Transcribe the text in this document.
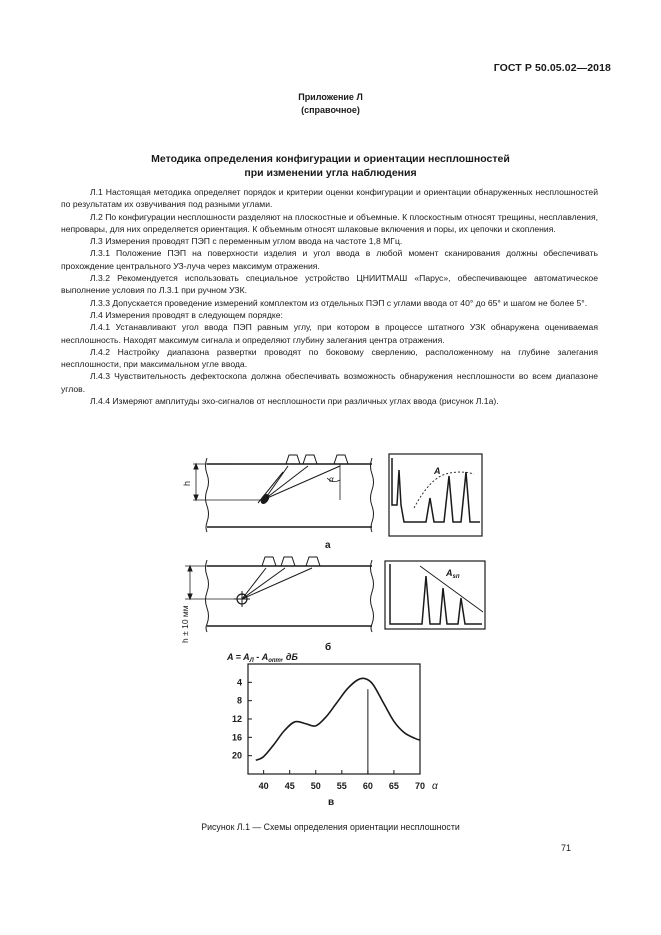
ГОСТ Р 50.05.02—2018
Приложение Л
(справочное)
Методика определения конфигурации и ориентации несплошностей
при изменении угла наблюдения

Л.1 Настоящая методика определяет порядок и критерии оценки конфигурации и ориентации обнаруженных несплошностей по результатам их озвучивания под разными углами.

Л.2 По конфигурации несплошности разделяют на плоскостные и объемные. К плоскостным относят трещины, несплавления, непровары, для них определяется ориентация. К объемным относят шлаковые включения и поры, их цепочки и скопления.

Л.3 Измерения проводят ПЭП с переменным углом ввода на частоте 1,8 МГц.

Л.3.1 Положение ПЭП на поверхности изделия и угол ввода в любой момент сканирования должны обеспечивать прохождение центрального УЗ-луча через максимум отражения.

Л.3.2 Рекомендуется использовать специальное устройство ЦНИИТМАШ «Парус», обеспечивающее автоматическое выполнение условия по Л.3.1 при ручном УЗК.

Л.3.3 Допускается проведение измерений комплектом из отдельных ПЭП с углами ввода от 40° до 65° и шагом не более 5°.

Л.4 Измерения проводят в следующем порядке:

Л.4.1 Устанавливают угол ввода ПЭП равным углу, при котором в процессе штатного УЗК обнаружена оцениваемая несплошность. Находят максимум сигнала и определяют глубину залегания центра отражения.

Л.4.2 Настройку диапазона развертки проводят по боковому сверлению, расположенному на глубине залегания несплошности, при максимальном угле ввода.

Л.4.3 Чувствительность дефектоскопа должна обеспечивать возможность обнаружения несплошности во всем диапазоне углов.

Л.4.4 Измеряют амплитуды эхо-сигналов от несплошности при различных углах ввода (рисунок Л.1а).

h	α
а
A
h ± 10 мм
б
$A_{sп}$
$A = A_Л - A_{опт}$, дБ
40 45 50 55 60 65 70
4
8
12
16
20
α
в
Рисунок Л.1 — Схемы определения ориентации несплошности
71
